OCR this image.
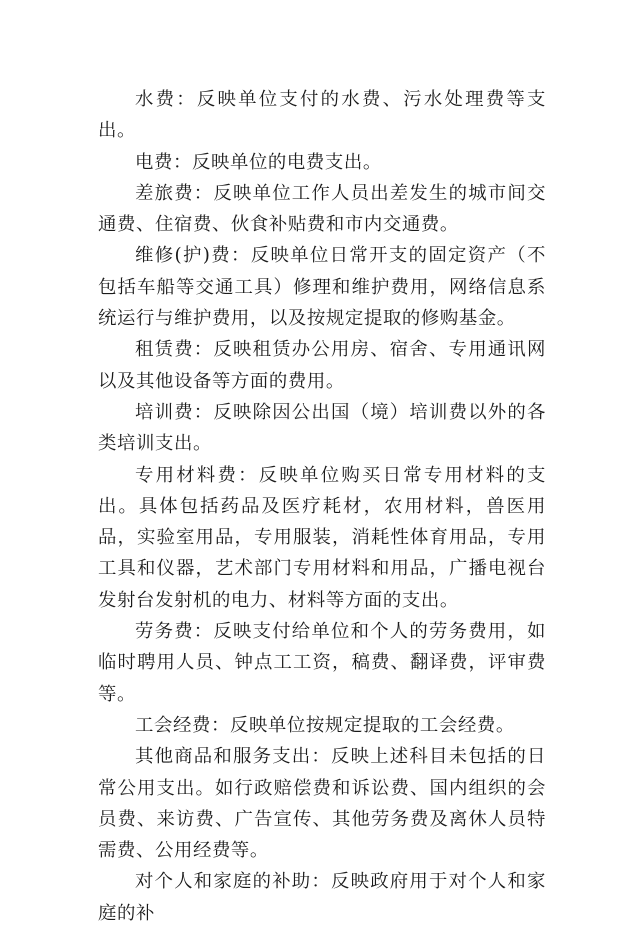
水费：反映单位支付的水费、污水处理费等支出。

电费：反映单位的电费支出。

差旅费：反映单位工作人员出差发生的城市间交通费、住宿费、伙食补贴费和市内交通费。

维修(护)费：反映单位日常开支的固定资产（不包括车船等交通工具）修理和维护费用，网络信息系统运行与维护费用，以及按规定提取的修购基金。

租赁费：反映租赁办公用房、宿舍、专用通讯网以及其他设备等方面的费用。

培训费：反映除因公出国（境）培训费以外的各类培训支出。

专用材料费：反映单位购买日常专用材料的支出。具体包括药品及医疗耗材，农用材料，兽医用品，实验室用品，专用服装，消耗性体育用品，专用工具和仪器，艺术部门专用材料和用品，广播电视台发射台发射机的电力、材料等方面的支出。

劳务费：反映支付给单位和个人的劳务费用，如临时聘用人员、钟点工工资，稿费、翻译费，评审费等。

工会经费：反映单位按规定提取的工会经费。

其他商品和服务支出：反映上述科目未包括的日常公用支出。如行政赔偿费和诉讼费、国内组织的会员费、来访费、广告宣传、其他劳务费及离休人员特需费、公用经费等。

对个人和家庭的补助：反映政府用于对个人和家庭的补
